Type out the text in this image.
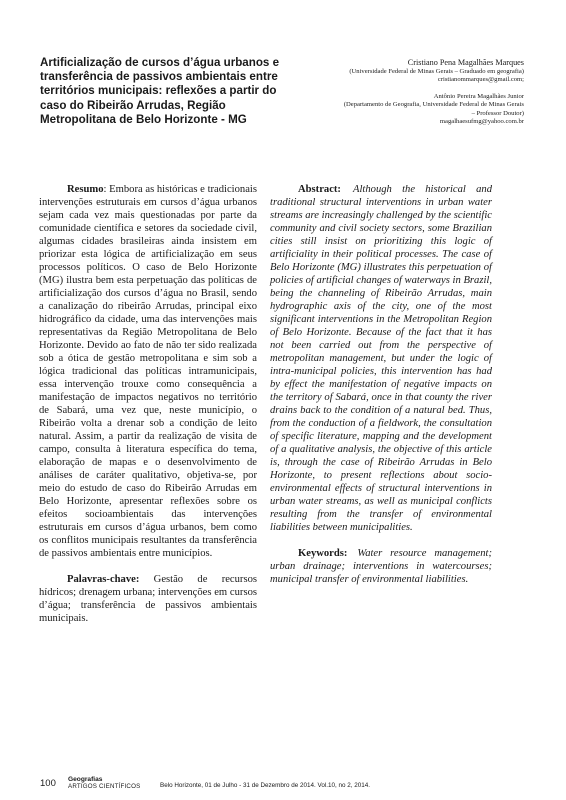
Artificialização de cursos d’água urbanos e transferência de passivos ambientais entre territórios municipais: reflexões a partir do caso do Ribeirão Arrudas, Região Metropolitana de Belo Horizonte - MG
Cristiano Pena Magalhães Marques
(Universidade Federal de Minas Gerais – Graduado em geografia)
cristianommarques@gmail.com;
Antônio Pereira Magalhães Junior
(Departamento de Geografia, Universidade Federal de Minas Gerais
– Professor Doutor)
magalhaesufmg@yahoo.com.br

Resumo: Embora as históricas e tradicionais intervenções estruturais em cursos d’água urbanos sejam cada vez mais questionadas por parte da comunidade científica e setores da sociedade civil, algumas cidades brasileiras ainda insistem em priorizar esta lógica de artificialização em seus processos políticos. O caso de Belo Horizonte (MG) ilustra bem esta perpetuação das políticas de artificialização dos cursos d’água no Brasil, sendo a canalização do ribeirão Arrudas, principal eixo hidrográfico da cidade, uma das intervenções mais representativas da Região Metropolitana de Belo Horizonte. Devido ao fato de não ter sido realizada sob a ótica de gestão metropolitana e sim sob a lógica tradicional das políticas intramunicipais, essa intervenção trouxe como consequência a manifestação de impactos negativos no território de Sabará, uma vez que, neste município, o Ribeirão volta a drenar sob a condição de leito natural. Assim, a partir da realização de visita de campo, consulta à literatura específica do tema, elaboração de mapas e o desenvolvimento de análises de caráter qualitativo, objetiva-se, por meio do estudo de caso do Ribeirão Arrudas em Belo Horizonte, apresentar reflexões sobre os efeitos socioambientais das intervenções estruturais em cursos d’água urbanos, bem como os conflitos municipais resultantes da transferência de passivos ambientais entre municípios.

Palavras-chave: Gestão de recursos hídricos; drenagem urbana; intervenções em cursos d’água; transferência de passivos ambientais municipais.

Abstract: Although the historical and traditional structural interventions in urban water streams are increasingly challenged by the scientific community and civil society sectors, some Brazilian cities still insist on prioritizing this logic of artificiality in their political processes. The case of Belo Horizonte (MG) illustrates this perpetuation of policies of artificial changes of waterways in Brazil, being the channeling of Ribeirão Arrudas, main hydrographic axis of the city, one of the most significant interventions in the Metropolitan Region of Belo Horizonte. Because of the fact that it has not been carried out from the perspective of metropolitan management, but under the logic of intra-municipal policies, this intervention has had by effect the manifestation of negative impacts on the territory of Sabará, once in that county the river drains back to the condition of a natural bed. Thus, from the conduction of a fieldwork, the consultation of specific literature, mapping and the development of a qualitative analysis, the objective of this article is, through the case of Ribeirão Arrudas in Belo Horizonte, to present reflections about socio-environmental effects of structural interventions in urban water streams, as well as municipal conflicts resulting from the transfer of environmental liabilities between municipalities.

Keywords: Water resource management; urban drainage; interventions in watercourses; municipal transfer of environmental liabilities.

100 Geografias
ARTIGOS CIENTÍFICOS	Belo Horizonte, 01 de Julho - 31 de Dezembro de 2014. Vol.10, no 2, 2014.
